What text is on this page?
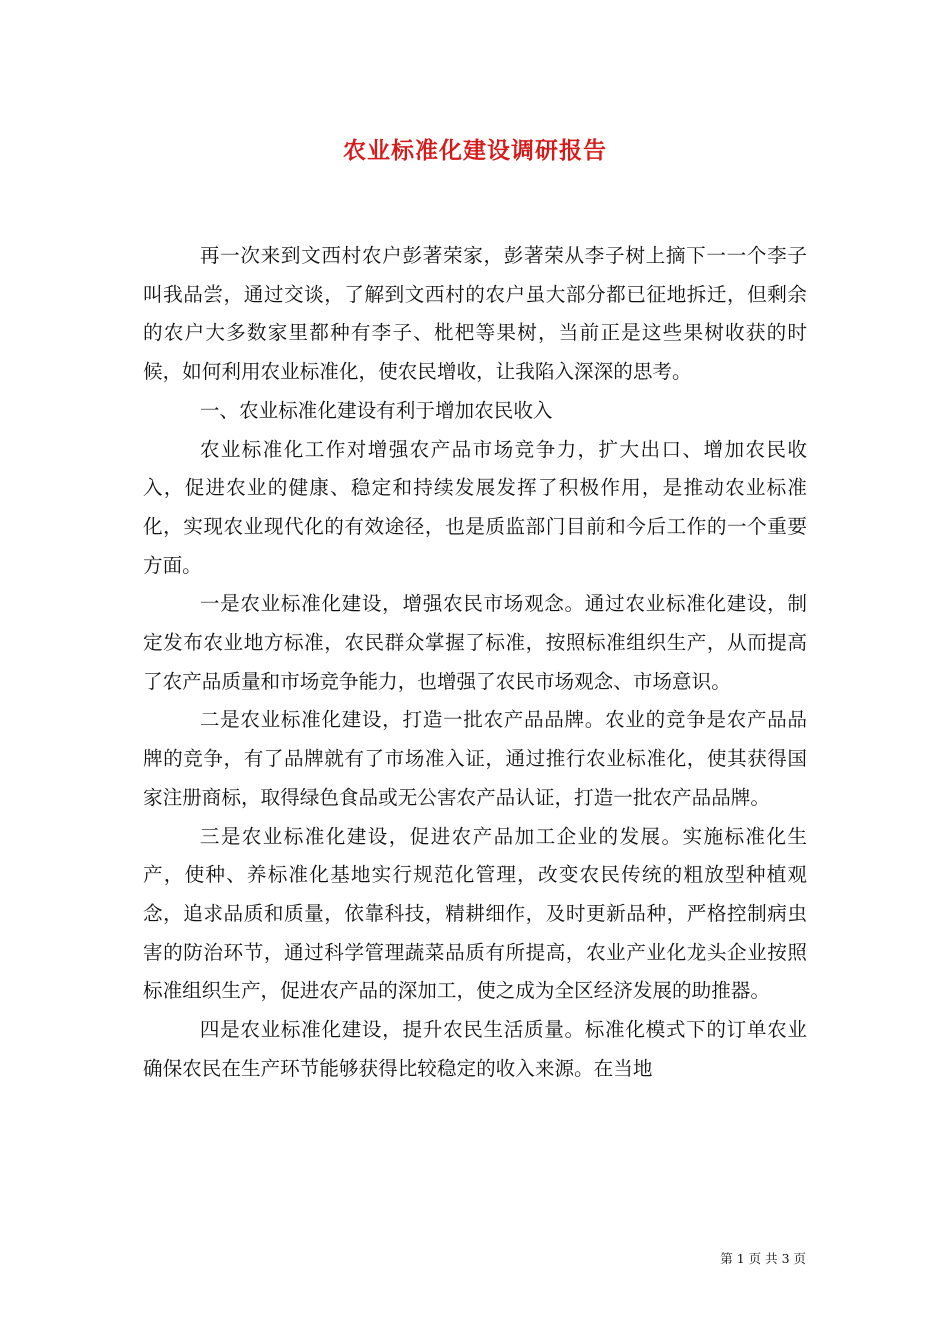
农业标准化建设调研报告

再一次来到文西村农户彭著荣家，彭著荣从李子树上摘下一一个李子叫我品尝，通过交谈，了解到文西村的农户虽大部分都已征地拆迁，但剩余的农户大多数家里都种有李子、枇杷等果树，当前正是这些果树收获的时候，如何利用农业标准化，使农民增收，让我陷入深深的思考。

一、农业标准化建设有利于增加农民收入

农业标准化工作对增强农产品市场竞争力，扩大出口、增加农民收入，促进农业的健康、稳定和持续发展发挥了积极作用，是推动农业标准化，实现农业现代化的有效途径，也是质监部门目前和今后工作的一个重要方面。

一是农业标准化建设，增强农民市场观念。通过农业标准化建设，制定发布农业地方标准，农民群众掌握了标准，按照标准组织生产，从而提高了农产品质量和市场竞争能力，也增强了农民市场观念、市场意识。

二是农业标准化建设，打造一批农产品品牌。农业的竞争是农产品品牌的竞争，有了品牌就有了市场准入证，通过推行农业标准化，使其获得国家注册商标，取得绿色食品或无公害农产品认证，打造一批农产品品牌。

三是农业标准化建设，促进农产品加工企业的发展。实施标准化生产，使种、养标准化基地实行规范化管理，改变农民传统的粗放型种植观念，追求品质和质量，依靠科技，精耕细作，及时更新品种，严格控制病虫害的防治环节，通过科学管理蔬菜品质有所提高，农业产业化龙头企业按照标准组织生产，促进农产品的深加工，使之成为全区经济发展的助推器。

四是农业标准化建设，提升农民生活质量。标准化模式下的订单农业确保农民在生产环节能够获得比较稳定的收入来源。在当地

第 1 页 共 3 页
